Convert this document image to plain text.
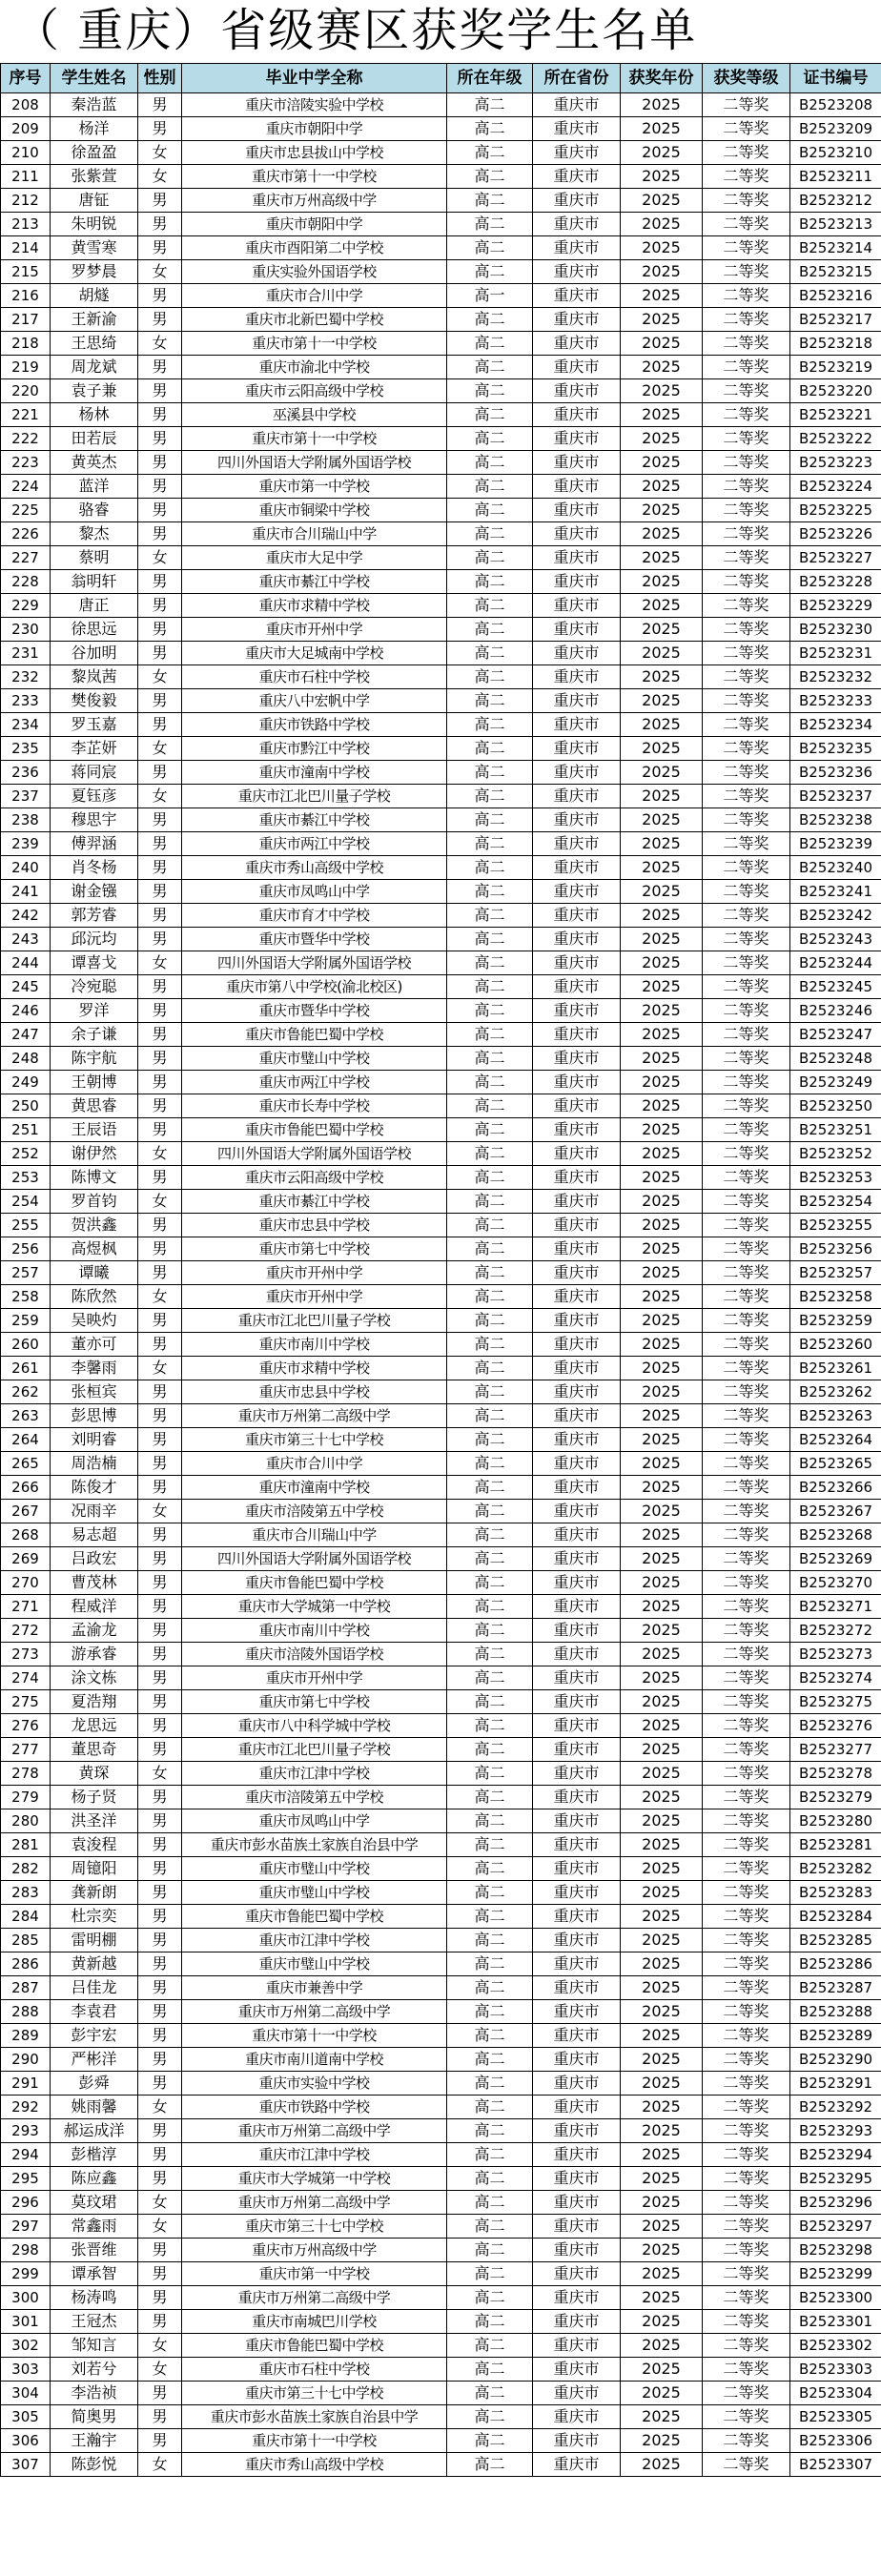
（ 重庆）省级赛区获奖学生名单
序号	学生姓名	性别	毕业中学全称	所在年级	所在省份	获奖年份	获奖等级	证书编号
208	秦浩蓝	男	重庆市涪陵实验中学校	高二	重庆市	2025	二等奖	B2523208
209	杨洋	男	重庆市朝阳中学	高二	重庆市	2025	二等奖	B2523209
210	徐盈盈	女	重庆市忠县拔山中学校	高二	重庆市	2025	二等奖	B2523210
211	张紫萱	女	重庆市第十一中学校	高二	重庆市	2025	二等奖	B2523211
212	唐钲	男	重庆市万州高级中学	高二	重庆市	2025	二等奖	B2523212
213	朱明锐	男	重庆市朝阳中学	高二	重庆市	2025	二等奖	B2523213
214	黄雪寒	男	重庆市酉阳第二中学校	高二	重庆市	2025	二等奖	B2523214
215	罗梦晨	女	重庆实验外国语学校	高二	重庆市	2025	二等奖	B2523215
216	胡燧	男	重庆市合川中学	高一	重庆市	2025	二等奖	B2523216
217	王新渝	男	重庆市北新巴蜀中学校	高二	重庆市	2025	二等奖	B2523217
218	王思绮	女	重庆市第十一中学校	高二	重庆市	2025	二等奖	B2523218
219	周龙斌	男	重庆市渝北中学校	高二	重庆市	2025	二等奖	B2523219
220	袁子兼	男	重庆市云阳高级中学校	高二	重庆市	2025	二等奖	B2523220
221	杨林	男	巫溪县中学校	高二	重庆市	2025	二等奖	B2523221
222	田若辰	男	重庆市第十一中学校	高二	重庆市	2025	二等奖	B2523222
223	黄英杰	男	四川外国语大学附属外国语学校	高二	重庆市	2025	二等奖	B2523223
224	蓝洋	男	重庆市第一中学校	高二	重庆市	2025	二等奖	B2523224
225	骆睿	男	重庆市铜梁中学校	高二	重庆市	2025	二等奖	B2523225
226	黎杰	男	重庆市合川瑞山中学	高二	重庆市	2025	二等奖	B2523226
227	蔡明	女	重庆市大足中学	高二	重庆市	2025	二等奖	B2523227
228	翁明轩	男	重庆市綦江中学校	高二	重庆市	2025	二等奖	B2523228
229	唐正	男	重庆市求精中学校	高二	重庆市	2025	二等奖	B2523229
230	徐思远	男	重庆市开州中学	高二	重庆市	2025	二等奖	B2523230
231	谷加明	男	重庆市大足城南中学校	高二	重庆市	2025	二等奖	B2523231
232	黎岚茜	女	重庆市石柱中学校	高二	重庆市	2025	二等奖	B2523232
233	樊俊毅	男	重庆八中宏帆中学	高二	重庆市	2025	二等奖	B2523233
234	罗玉嘉	男	重庆市铁路中学校	高二	重庆市	2025	二等奖	B2523234
235	李芷妍	女	重庆市黔江中学校	高二	重庆市	2025	二等奖	B2523235
236	蒋同宸	男	重庆市潼南中学校	高二	重庆市	2025	二等奖	B2523236
237	夏钰彦	女	重庆市江北巴川量子学校	高二	重庆市	2025	二等奖	B2523237
238	穆思宇	男	重庆市綦江中学校	高二	重庆市	2025	二等奖	B2523238
239	傅羿涵	男	重庆市两江中学校	高二	重庆市	2025	二等奖	B2523239
240	肖冬杨	男	重庆市秀山高级中学校	高二	重庆市	2025	二等奖	B2523240
241	谢金镪	男	重庆市凤鸣山中学	高二	重庆市	2025	二等奖	B2523241
242	郭芳睿	男	重庆市育才中学校	高二	重庆市	2025	二等奖	B2523242
243	邱沅均	男	重庆市暨华中学校	高二	重庆市	2025	二等奖	B2523243
244	谭喜戈	女	四川外国语大学附属外国语学校	高二	重庆市	2025	二等奖	B2523244
245	冷宛聪	男	重庆市第八中学校(渝北校区)	高二	重庆市	2025	二等奖	B2523245
246	罗洋	男	重庆市暨华中学校	高二	重庆市	2025	二等奖	B2523246
247	余子谦	男	重庆市鲁能巴蜀中学校	高二	重庆市	2025	二等奖	B2523247
248	陈宇航	男	重庆市璧山中学校	高二	重庆市	2025	二等奖	B2523248
249	王朝博	男	重庆市两江中学校	高二	重庆市	2025	二等奖	B2523249
250	黄思睿	男	重庆市长寿中学校	高二	重庆市	2025	二等奖	B2523250
251	王辰语	男	重庆市鲁能巴蜀中学校	高二	重庆市	2025	二等奖	B2523251
252	谢伊然	女	四川外国语大学附属外国语学校	高二	重庆市	2025	二等奖	B2523252
253	陈博文	男	重庆市云阳高级中学校	高二	重庆市	2025	二等奖	B2523253
254	罗首钧	女	重庆市綦江中学校	高二	重庆市	2025	二等奖	B2523254
255	贺洪鑫	男	重庆市忠县中学校	高二	重庆市	2025	二等奖	B2523255
256	高煜枫	男	重庆市第七中学校	高二	重庆市	2025	二等奖	B2523256
257	谭曦	男	重庆市开州中学	高二	重庆市	2025	二等奖	B2523257
258	陈欣然	女	重庆市开州中学	高二	重庆市	2025	二等奖	B2523258
259	吴映灼	男	重庆市江北巴川量子学校	高二	重庆市	2025	二等奖	B2523259
260	董亦可	男	重庆市南川中学校	高二	重庆市	2025	二等奖	B2523260
261	李馨雨	女	重庆市求精中学校	高二	重庆市	2025	二等奖	B2523261
262	张桓宾	男	重庆市忠县中学校	高二	重庆市	2025	二等奖	B2523262
263	彭思博	男	重庆市万州第二高级中学	高二	重庆市	2025	二等奖	B2523263
264	刘明睿	男	重庆市第三十七中学校	高二	重庆市	2025	二等奖	B2523264
265	周浩楠	男	重庆市合川中学	高二	重庆市	2025	二等奖	B2523265
266	陈俊才	男	重庆市潼南中学校	高二	重庆市	2025	二等奖	B2523266
267	况雨辛	女	重庆市涪陵第五中学校	高二	重庆市	2025	二等奖	B2523267
268	易志超	男	重庆市合川瑞山中学	高二	重庆市	2025	二等奖	B2523268
269	吕政宏	男	四川外国语大学附属外国语学校	高二	重庆市	2025	二等奖	B2523269
270	曹茂林	男	重庆市鲁能巴蜀中学校	高二	重庆市	2025	二等奖	B2523270
271	程威洋	男	重庆市大学城第一中学校	高二	重庆市	2025	二等奖	B2523271
272	孟渝龙	男	重庆市南川中学校	高二	重庆市	2025	二等奖	B2523272
273	游承睿	男	重庆市涪陵外国语学校	高二	重庆市	2025	二等奖	B2523273
274	涂文栋	男	重庆市开州中学	高二	重庆市	2025	二等奖	B2523274
275	夏浩翔	男	重庆市第七中学校	高二	重庆市	2025	二等奖	B2523275
276	龙思远	男	重庆市八中科学城中学校	高二	重庆市	2025	二等奖	B2523276
277	董思奇	男	重庆市江北巴川量子学校	高二	重庆市	2025	二等奖	B2523277
278	黄琛	女	重庆市江津中学校	高二	重庆市	2025	二等奖	B2523278
279	杨子贤	男	重庆市涪陵第五中学校	高二	重庆市	2025	二等奖	B2523279
280	洪圣洋	男	重庆市凤鸣山中学	高二	重庆市	2025	二等奖	B2523280
281	袁浚程	男	重庆市彭水苗族土家族自治县中学	高二	重庆市	2025	二等奖	B2523281
282	周镱阳	男	重庆市璧山中学校	高二	重庆市	2025	二等奖	B2523282
283	龚新朗	男	重庆市璧山中学校	高二	重庆市	2025	二等奖	B2523283
284	杜宗奕	男	重庆市鲁能巴蜀中学校	高二	重庆市	2025	二等奖	B2523284
285	雷明棚	男	重庆市江津中学校	高二	重庆市	2025	二等奖	B2523285
286	黄新越	男	重庆市璧山中学校	高二	重庆市	2025	二等奖	B2523286
287	吕佳龙	男	重庆市兼善中学	高二	重庆市	2025	二等奖	B2523287
288	李袁君	男	重庆市万州第二高级中学	高二	重庆市	2025	二等奖	B2523288
289	彭宇宏	男	重庆市第十一中学校	高二	重庆市	2025	二等奖	B2523289
290	严彬洋	男	重庆市南川道南中学校	高二	重庆市	2025	二等奖	B2523290
291	彭舜	男	重庆市实验中学校	高二	重庆市	2025	二等奖	B2523291
292	姚雨馨	女	重庆市铁路中学校	高二	重庆市	2025	二等奖	B2523292
293	郝运成洋	男	重庆市万州第二高级中学	高二	重庆市	2025	二等奖	B2523293
294	彭楷淳	男	重庆市江津中学校	高二	重庆市	2025	二等奖	B2523294
295	陈应鑫	男	重庆市大学城第一中学校	高二	重庆市	2025	二等奖	B2523295
296	莫玟珺	女	重庆市万州第二高级中学	高二	重庆市	2025	二等奖	B2523296
297	常鑫雨	女	重庆市第三十七中学校	高二	重庆市	2025	二等奖	B2523297
298	张晋维	男	重庆市万州高级中学	高二	重庆市	2025	二等奖	B2523298
299	谭承智	男	重庆市第一中学校	高二	重庆市	2025	二等奖	B2523299
300	杨涛鸣	男	重庆市万州第二高级中学	高二	重庆市	2025	二等奖	B2523300
301	王冠杰	男	重庆市南城巴川学校	高二	重庆市	2025	二等奖	B2523301
302	邹知言	女	重庆市鲁能巴蜀中学校	高二	重庆市	2025	二等奖	B2523302
303	刘若兮	女	重庆市石柱中学校	高二	重庆市	2025	二等奖	B2523303
304	李浩祯	男	重庆市第三十七中学校	高二	重庆市	2025	二等奖	B2523304
305	简奥男	男	重庆市彭水苗族土家族自治县中学	高二	重庆市	2025	二等奖	B2523305
306	王瀚宇	男	重庆市第十一中学校	高二	重庆市	2025	二等奖	B2523306
307	陈彭悦	女	重庆市秀山高级中学校	高二	重庆市	2025	二等奖	B2523307
